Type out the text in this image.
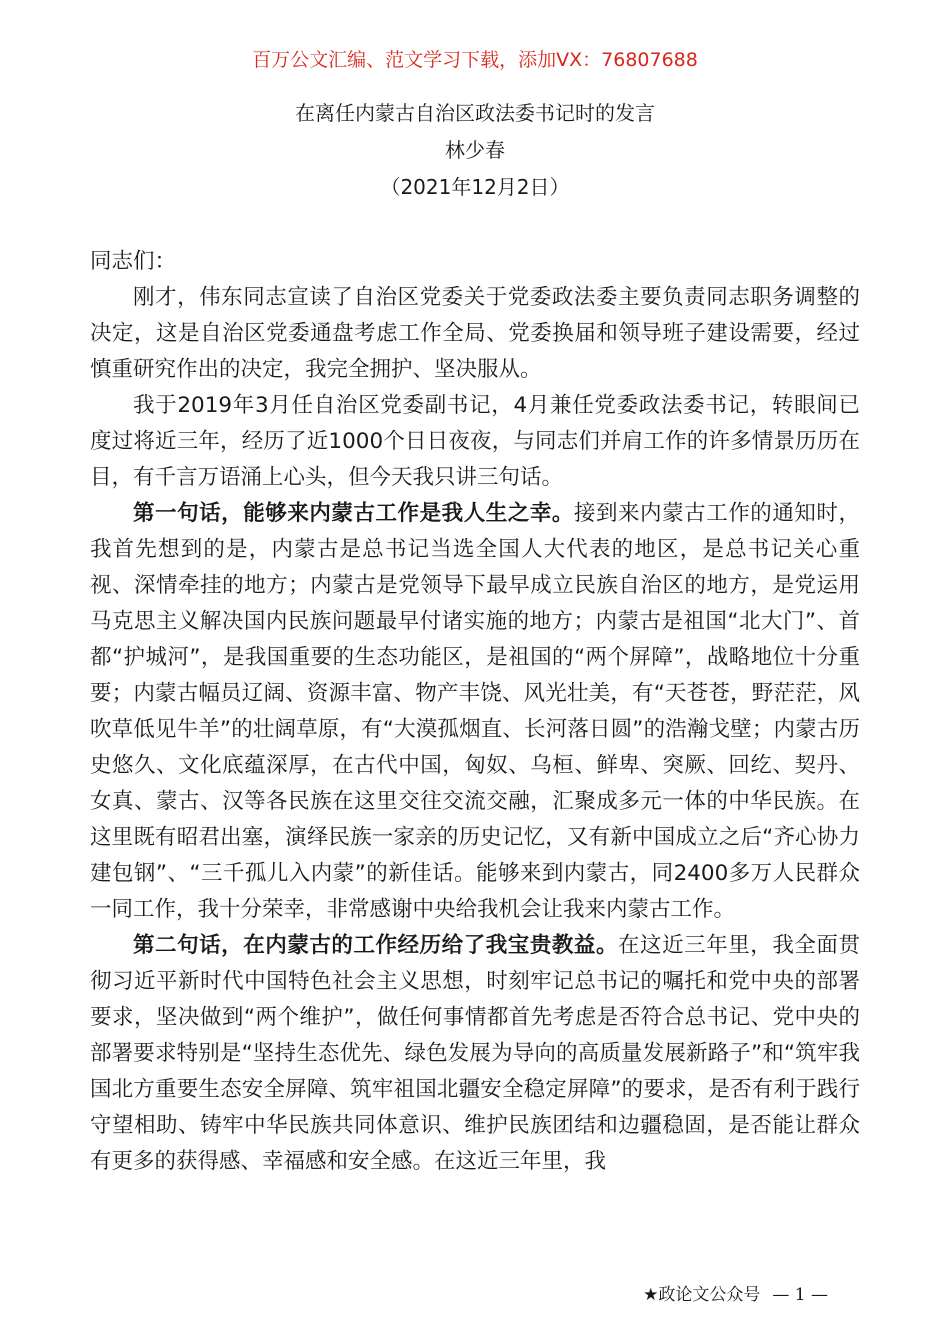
百万公文汇编、范文学习下载，添加VX：76807688
在离任内蒙古自治区政法委书记时的发言
林少春
（2021年12月2日）

同志们：

刚才，伟东同志宣读了自治区党委关于党委政法委主要负责同志职务调整的决定，这是自治区党委通盘考虑工作全局、党委换届和领导班子建设需要，经过慎重研究作出的决定，我完全拥护、坚决服从。

我于2019年3月任自治区党委副书记，4月兼任党委政法委书记，转眼间已度过将近三年，经历了近1000个日日夜夜，与同志们并肩工作的许多情景历历在目，有千言万语涌上心头，但今天我只讲三句话。

第一句话，能够来内蒙古工作是我人生之幸。接到来内蒙古工作的通知时，我首先想到的是，内蒙古是总书记当选全国人大代表的地区，是总书记关心重视、深情牵挂的地方；内蒙古是党领导下最早成立民族自治区的地方，是党运用马克思主义解决国内民族问题最早付诸实施的地方；内蒙古是祖国“北大门”、首都“护城河”，是我国重要的生态功能区，是祖国的“两个屏障”，战略地位十分重要；内蒙古幅员辽阔、资源丰富、物产丰饶、风光壮美，有“天苍苍，野茫茫，风吹草低见牛羊”的壮阔草原，有“大漠孤烟直、长河落日圆”的浩瀚戈壁；内蒙古历史悠久、文化底蕴深厚，在古代中国，匈奴、乌桓、鲜卑、突厥、回纥、契丹、女真、蒙古、汉等各民族在这里交往交流交融，汇聚成多元一体的中华民族。在这里既有昭君出塞，演绎民族一家亲的历史记忆，又有新中国成立之后“齐心协力建包钢”、“三千孤儿入内蒙”的新佳话。能够来到内蒙古，同2400多万人民群众一同工作，我十分荣幸，非常感谢中央给我机会让我来内蒙古工作。

第二句话，在内蒙古的工作经历给了我宝贵教益。在这近三年里，我全面贯彻习近平新时代中国特色社会主义思想，时刻牢记总书记的嘱托和党中央的部署要求，坚决做到“两个维护”，做任何事情都首先考虑是否符合总书记、党中央的部署要求特别是“坚持生态优先、绿色发展为导向的高质量发展新路子”和“筑牢我国北方重要生态安全屏障、筑牢祖国北疆安全稳定屏障”的要求，是否有利于践行守望相助、铸牢中华民族共同体意识、维护民族团结和边疆稳固，是否能让群众有更多的获得感、幸福感和安全感。在这近三年里，我

★政论文公众号 — 1 —
